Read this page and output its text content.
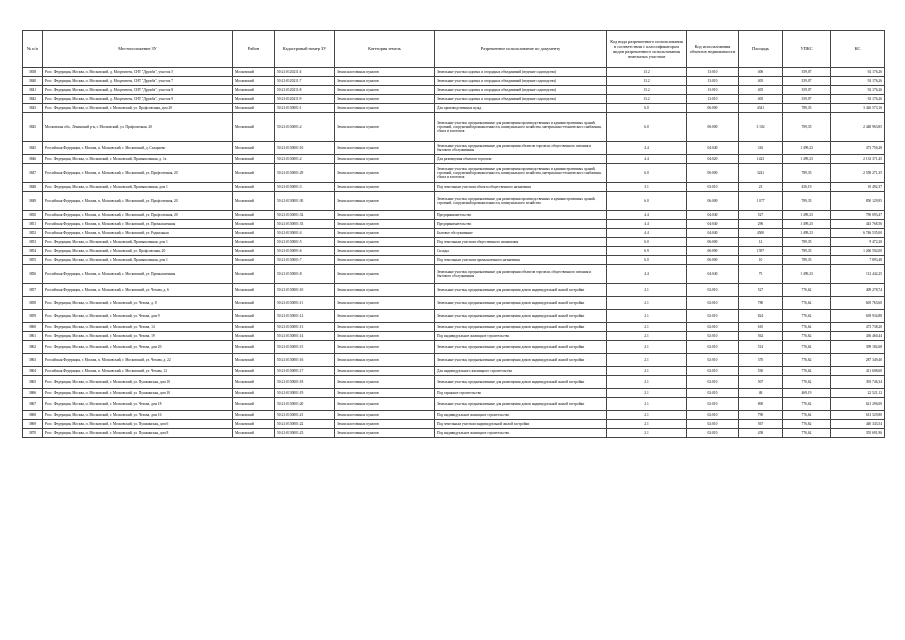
№ п/п	Местоположение ЗУ	Район	Кадастровый номер ЗУ	Категория земель	Разрешенное использование по документу	Код вида разрешенного использования в соответствии с классификатором видов разрешенного использования земельных участков	Код использования объектов недвижимости	Площадь	УПКС	КС
3838	Росс. Федерация, Москва, п. Московский, д. Мосрентген, СНТ "Дружба", участок 5	Московский	50:21:0120211:4	Земли населенных пунктов	Земельные участки садовых и огородных объединений (ведение садоводства)	13.2	13:010	406	359,07	92 176,26
3840	Росс. Федерация, Москва, п. Московский, д. Мосрентген, СНТ "Дружба", участок 7	Московский	50:21:0120211:7	Земли населенных пунктов	Земельные участки садовых и огородных объединений (ведение садоводства)	13.2	13:010	405	359,07	92 176,26
3841	Росс. Федерация, Москва, п. Московский, д. Мосрентген, СНТ "Дружба", участок 8	Московский	50:21:0120211:8	Земли населенных пунктов	Земельные участки садовых и огородных объединений (ведение садоводства)	13.2	13:010	405	359,07	92 176,26
3842	Росс. Федерация, Москва, п. Московский, д. Мосрентген, СНТ "Дружба", участок 9	Московский	50:21:0120211:9	Земли населенных пунктов	Земельные участки садовых и огородных объединений (ведение садоводства)	13.2	13:010	405	359,07	92 176,26
3843	Росс. Федерация, Москва, п. Московский, г. Московский, ул. Профсоюзная, дом 20	Московский	50:21:0130001:1	Земли населенных пунктов	Для производственных нужд	6.0	06:000	4341	789,35	3 426 573,16
3845	Московская обл., Ленинский р-н, г. Московский, ул. Профсоюзная, 20	Московский	50:21:0130001:2	Земли населенных пунктов	Земельные участки, предназначенные для размещения производственных и административных зданий, строений, сооружений промышленности, коммунального хозяйства, материально-технического снабжения, сбыта и заготовок	6.0	06:000	3 102	789,35	2 448 963,85
3845	Российская Федерация, г. Москва, п. Московский, г. Московский, д. Саларьево	Московский	50:21:0130001:16	Земли населенных пунктов	Земельные участки, предназначенные для размещения объектов торговли, общественного питания и бытового обслуживания	4.4	04:040	316	1 499,23	473 756,28
3846	Росс. Федерация, Москва, п. Московский, г. Московский, Промышленная, д. 1а	Московский	50:21:0130001:2	Земли населенных пунктов	Для размещения объектов торговли	4.4	04:020	1423	1 499,23	2 133 371,45
3847	Российская Федерация, г. Москва, п. Московский, г. Московский, ул. Профсоюзная, 20	Московский	50:21:0130001:29	Земли населенных пунктов	Земельные участки, предназначенные для размещения производственных и административных зданий, строений, сооружений промышленности, коммунального хозяйства, материально-технического снабжения, сбыта и заготовок	6.0	06:000	3241	789,35	2 558 271,35
3848	Росс. Федерация, Москва, п. Московский, г. Московский, Промышленная, дом 1	Московский	50:21:0130001:3	Земли населенных пунктов	Под земельным участком объекта общественного назначения	3.1	03:010	23	456,19	10 492,37
3849	Российская Федерация, г. Москва, п. Московский, г. Московский, ул. Профсоюзная, 20	Московский	50:21:0130001:30	Земли населенных пунктов	Земельные участки, предназначенные для размещения производственных и административных зданий, строений, сооружений промышленности, коммунального хозяйства	6.0	06:000	1 077	789,35	850 129,95
3850	Российская Федерация, г. Москва, п. Московский, г. Московский, ул. Профсоюзная, 20	Московский	50:21:0130001:32	Земли населенных пунктов	Предпринимательство	4.4	04:040	527	1 499,23	790 093,47
3851	Российская Федерация, г. Москва, п. Московский, г. Московский, ул. Промышленная	Московский	50:21:0130001:33	Земли населенных пунктов	Предпринимательство	4.4	04:040	296	1 499,23	443 768,56
3852	Российская Федерация, г. Москва, п. Московский, г. Московский, ул. Радиальная	Московский	50:21:0130001:4	Земли населенных пунктов	Бытовое обслуживание	4.4	04:040	4500	1 499,23	6 746 535,00
3853	Росс. Федерация, Москва, п. Московский, г. Московский, Промышленная, дом 1	Московский	50:21:0130001:5	Земли населенных пунктов	Под земельным участком общественного назначения	6.0	06:000	12	789,35	9 472,20
3854	Росс. Федерация, Москва, п. Московский, г. Московский, ул. Профсоюзная, 20	Московский	50:21:0130001:6	Земли населенных пунктов	Склады	6.9	06:090	1597	789,35	1 260 592,00
3855	Росс. Федерация, Москва, п. Московский, г. Московский, Промышленная, дом 1	Московский	50:21:0130001:7	Земли населенных пунктов	Под земельным участком промышленного назначения	6.0	06:000	10	789,35	7 893,48
3856	Российская Федерация, г. Москва, п. Московский, г. Московский, ул. Промышленная	Московский	50:21:0130001:8	Земли населенных пунктов	Земельные участки, предназначенные для размещения объектов торговли, общественного питания и бытового обслуживания	4.4	04:040	75	1 499,23	112 442,25
3857	Российская Федерация, г. Москва, п. Московский, г. Московский, ул. Чехова, д. 6	Московский	50:21:0130001:10	Земли населенных пунктов	Земельные участки, предназначенные для размещения домов индивидуальной жилой застройки	2.1	02:010	527	776,62	409 278,74
3858	Росс. Федерация, Москва, п. Московский, г. Московский, ул. Чехова, д. 8	Московский	50:21:0130001:11	Земли населенных пунктов	Земельные участки, предназначенные для размещения домов индивидуальной жилой застройки	2.1	02:010	780	776,62	605 763,60
3859	Росс. Федерация, Москва, п. Московский, г. Московский, ул. Чехова, дом 9	Московский	50:21:0130001:12	Земли населенных пунктов	Земельные участки, предназначенные для размещения домов индивидуальной жилой застройки	2.1	02:010	824	776,62	639 934,88
3860	Росс. Федерация, Москва, п. Московский, г. Московский, ул. Чехова, 14	Московский	50:21:0130001:13	Земли населенных пунктов	Земельные участки, предназначенные для размещения домов индивидуальной жилой застройки	2.1	02:010	610	776,62	473 738,20
3861	Росс. Федерация, Москва, п. Московский, г. Московский, ул. Чехова, 19	Московский	50:21:0130001:14	Земли населенных пунктов	Под индивидуальное жилищное строительство	2.1	02:010	562	776,62	436 460,44
3862	Росс. Федерация, Москва, п. Московский, г. Московский, ул. Чехова, дом 20	Московский	50:21:0130001:15	Земли населенных пунктов	Земельные участки, предназначенные для размещения домов индивидуальной жилой застройки	2.1	02:010	514	776,62	399 182,68
3863	Российская Федерация, г. Москва, п. Московский, г. Московский, ул. Чехова, д. 22	Московский	50:21:0130001:16	Земли населенных пунктов	Земельные участки, предназначенные для размещения домов индивидуальной жилой застройки	2.1	02:010	370	776,62	287 349,40
3864	Российская Федерация, г. Москва, п. Московский, г. Московский, ул. Чехова, 12	Московский	50:21:0130001:17	Земли населенных пунктов	Для индивидуального жилищного строительства	2.1	02:010	530	776,62	411 608,60
3865	Росс. Федерация, Москва, п. Московский, г. Московский, ул. Пушкинская, дом 10	Московский	50:21:0130001:18	Земли населенных пунктов	Земельные участки, предназначенные для размещения домов индивидуальной жилой застройки	2.1	02:010	507	776,62	393 746,34
3866	Росс. Федерация, Москва, п. Московский, г. Московский, ул. Пушкинская, дом 10	Московский	50:21:0130001:19	Земли населенных пунктов	Под гаражное строительство	2.1	02:010	48	469,19	22 521,12
3867	Росс. Федерация, Москва, п. Московский, г. Московский, ул. Чехова, дом 18	Московский	50:21:0130001:20	Земли населенных пунктов	Земельные участки, предназначенные для размещения домов индивидуальной жилой застройки	2.1	02:010	800	776,62	621 296,00
3868	Росс. Федерация, Москва, п. Московский, г. Московский, ул. Чехова, дом 16	Московский	50:21:0130001:21	Земли населенных пунктов	Под индивидуальное жилищное строительство	2.1	02:010	790	776,62	613 529,80
3869	Росс. Федерация, Москва, п. Московский, г. Московский, ул. Пушкинская, дом 6	Московский	50:21:0130001:22	Земли населенных пунктов	Под земельным участком индивидуальной жилой застройки	2.1	02:010	567	776,62	440 343,54
3870	Росс. Федерация, Москва, п. Московский, г. Московский, ул. Пушкинская, дом 8	Московский	50:21:0130001:23	Земли населенных пунктов	Под индивидуальное жилищное строительство	2.1	02:010	458	776,62	355 691,96
